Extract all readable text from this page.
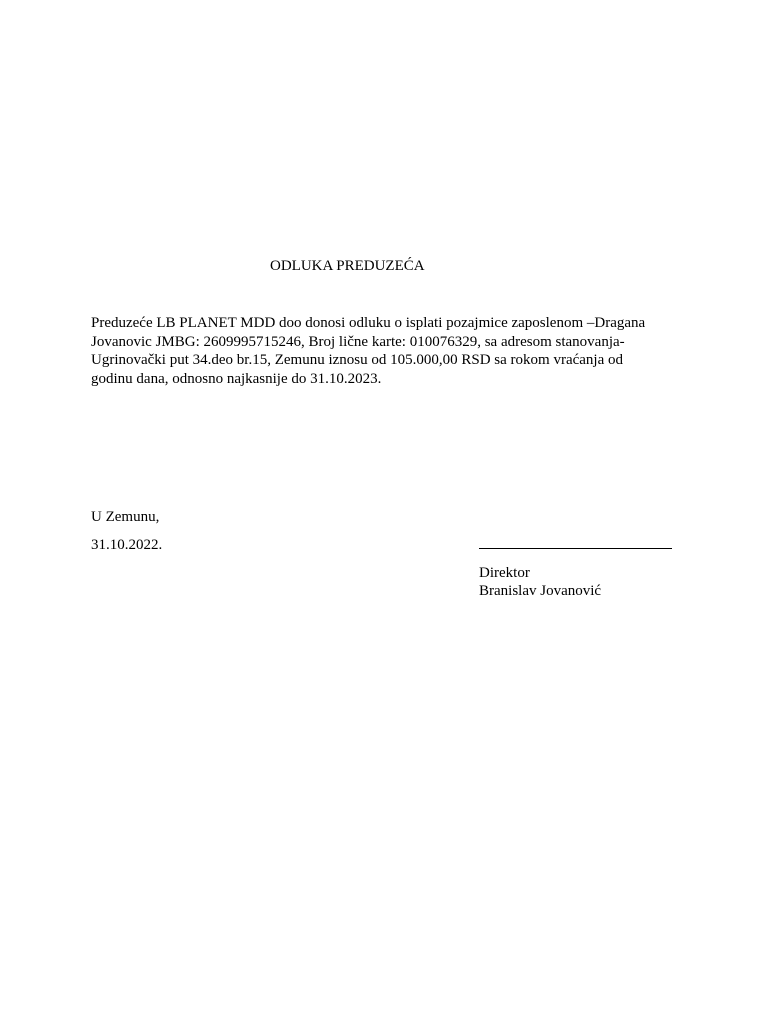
ODLUKA PREDUZEĆA
Preduzeće LB PLANET MDD doo donosi odluku o isplati pozajmice zaposlenom –Dragana
Jovanovic JMBG: 2609995715246, Broj lične karte: 010076329, sa adresom stanovanja-
Ugrinovački put 34.deo br.15, Zemunu iznosu od 105.000,00 RSD sa rokom vraćanja od
godinu dana, odnosno najkasnije do 31.10.2023.
U Zemunu,
31.10.2022.
Direktor
Branislav Jovanović
